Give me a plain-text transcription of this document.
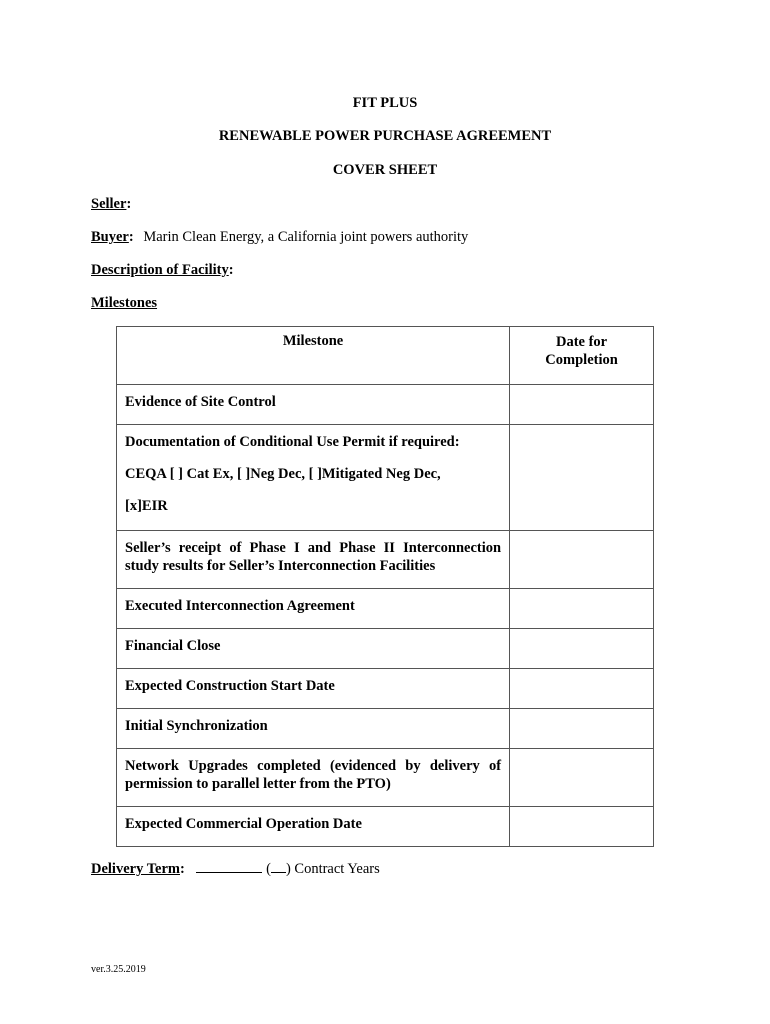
FIT PLUS
RENEWABLE POWER PURCHASE AGREEMENT
COVER SHEET
Seller:
Buyer: Marin Clean Energy, a California joint powers authority
Description of Facility:
Milestones
Milestone	Date for Completion

Evidence of Site Control	

Documentation of Conditional Use Permit if required:
CEQA [ ] Cat Ex, [ ]Neg Dec, [ ]Mitigated Neg Dec,
[x]EIR	

Seller’s receipt of Phase I and Phase II Interconnection study results for Seller’s Interconnection Facilities	

Executed Interconnection Agreement	

Financial Close	

Expected Construction Start Date	

Initial Synchronization	

Network Upgrades completed (evidenced by delivery of permission to parallel letter from the PTO)	

Expected Commercial Operation Date	

Delivery Term:	( ) Contract Years
ver.3.25.2019
